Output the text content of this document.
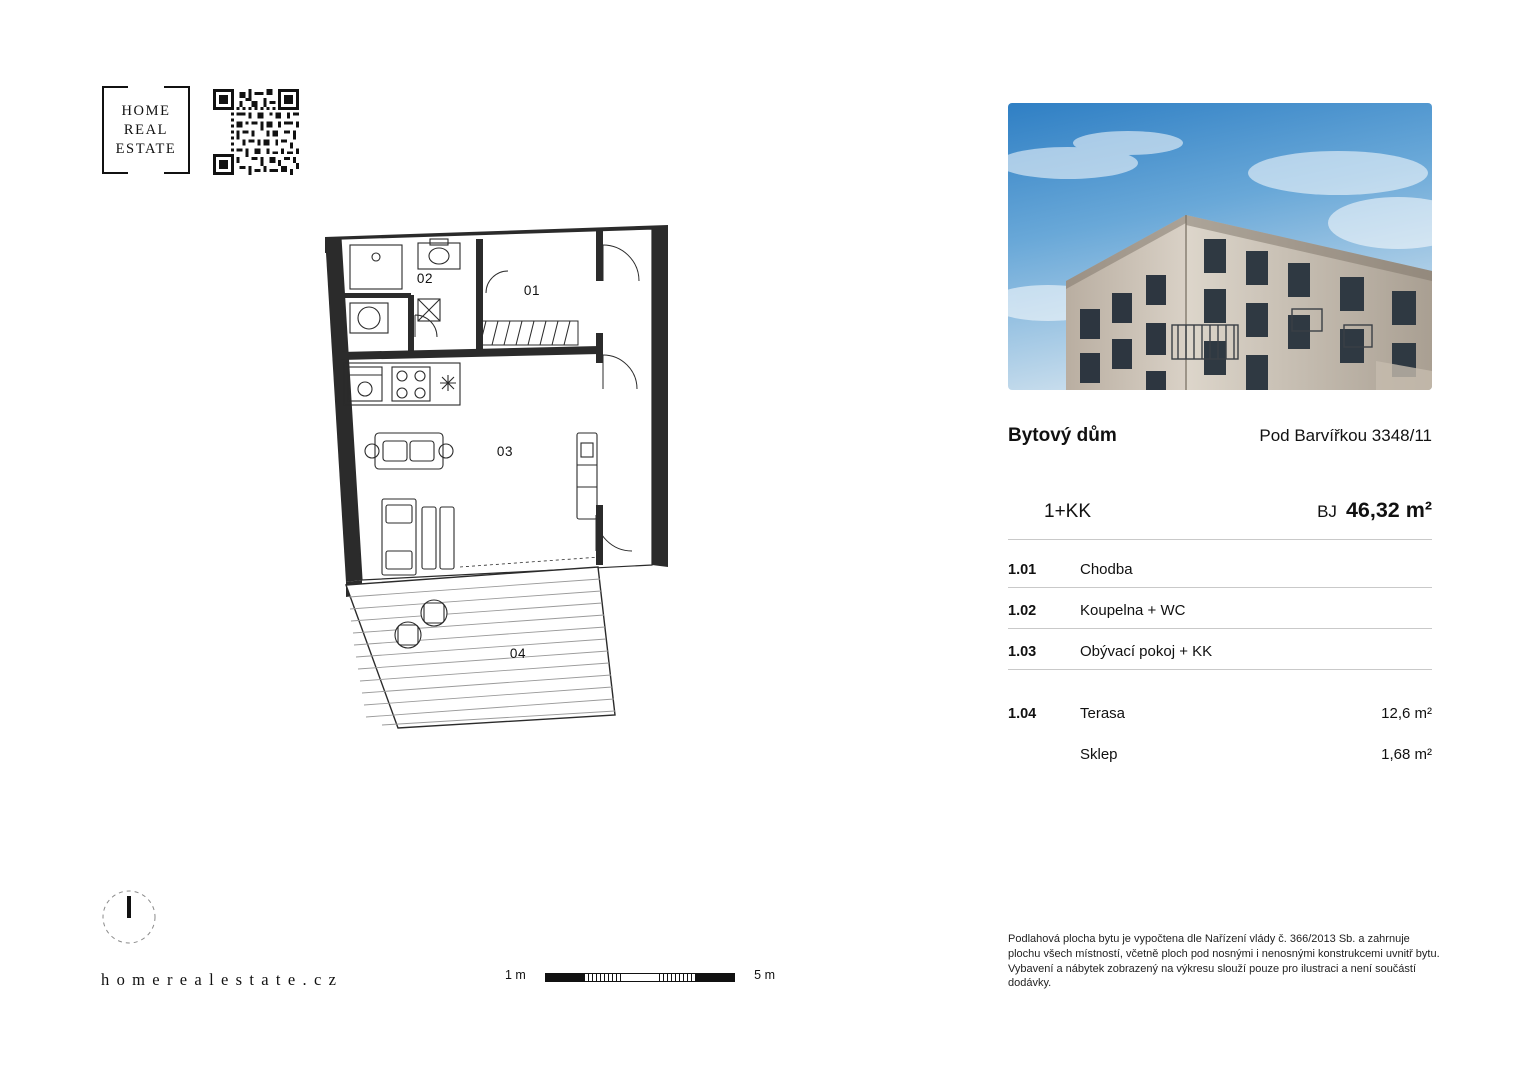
HOME
REAL
ESTATE
01
02
03
04
h o m e r e a l e s t a t e . c z	1 m	5 m
Bytový dům	Pod Barvířkou 3348/11
1+KK	BJ 46,32 m²
1.01	Chodba
1.02	Koupelna + WC
1.03	Obývací pokoj + KK
1.04	Terasa	12,6 m²
Sklep	1,68 m²
Podlahová plocha bytu je vypočtena dle Nařízení vlády č. 366/2013 Sb. a zahrnuje plochu všech místností, včetně ploch pod nosnými i nenosnými konstrukcemi uvnitř bytu. Vybavení a nábytek zobrazený na výkresu slouží pouze pro ilustraci a není součástí dodávky.
